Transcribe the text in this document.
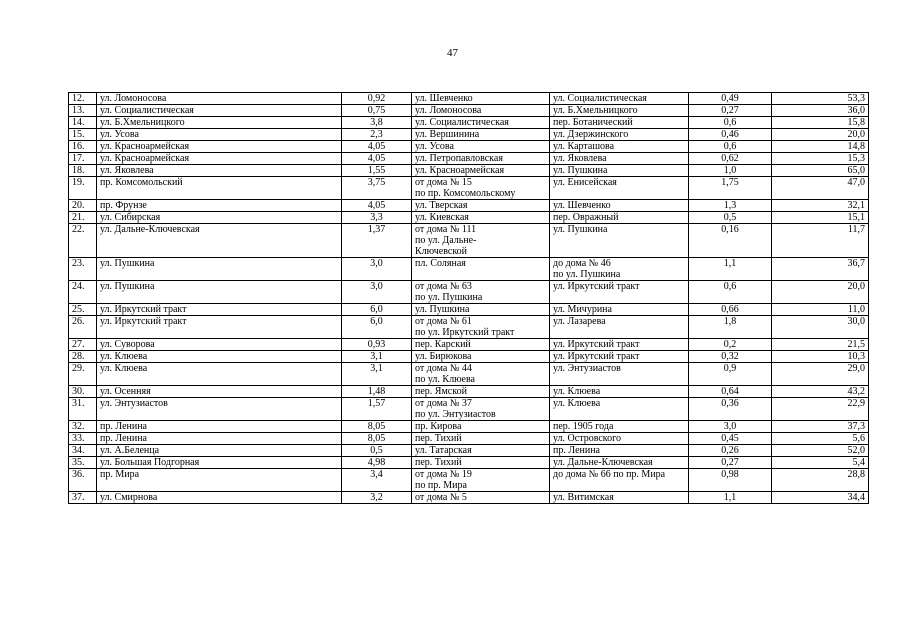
47
12.	ул. Ломоносова	0,92	ул. Шевченко	ул. Социалистическая	0,49	53,3
13.	ул. Социалистическая	0,75	ул. Ломоносова	ул. Б.Хмельницкого	0,27	36,0
14.	ул. Б.Хмельницкого	3,8	ул. Социалистическая	пер. Ботанический	0,6	15,8
15.	ул. Усова	2,3	ул. Вершинина	ул. Дзержинского	0,46	20,0
16.	ул. Красноармейская	4,05	ул. Усова	ул. Карташова	0,6	14,8
17.	ул. Красноармейская	4,05	ул. Петропавловская	ул. Яковлева	0,62	15,3
18.	ул. Яковлева	1,55	ул. Красноармейская	ул. Пушкина	1,0	65,0
19.	пр. Комсомольский	3,75	от дома № 15
по пр. Комсомольскому	ул. Енисейская	1,75	47,0
20.	пр. Фрунзе	4,05	ул. Тверская	ул. Шевченко	1,3	32,1
21.	ул. Сибирская	3,3	ул. Киевская	пер. Овражный	0,5	15,1
22.	ул. Дальне-Ключевская	1,37	от дома № 111
по ул. Дальне-
Ключевской	ул. Пушкина	0,16	11,7
23.	ул. Пушкина	3,0	пл. Соляная	до дома № 46
по ул. Пушкина	1,1	36,7
24.	ул. Пушкина	3,0	от дома № 63
по ул. Пушкина	ул. Иркутский тракт	0,6	20,0
25.	ул. Иркутский тракт	6,0	ул. Пушкина	ул. Мичурина	0,66	11,0
26.	ул. Иркутский тракт	6,0	от дома № 61
по ул. Иркутский тракт	ул. Лазарева	1,8	30,0
27.	ул. Суворова	0,93	пер. Карский	ул. Иркутский тракт	0,2	21,5
28.	ул. Клюева	3,1	ул. Бирюкова	ул. Иркутский тракт	0,32	10,3
29.	ул. Клюева	3,1	от дома № 44
по ул. Клюева	ул. Энтузиастов	0,9	29,0
30.	ул. Осенняя	1,48	пер. Ямской	ул. Клюева	0,64	43,2
31.	ул. Энтузиастов	1,57	от дома № 37
по ул. Энтузиастов	ул. Клюева	0,36	22,9
32.	пр. Ленина	8,05	пр. Кирова	пер. 1905 года	3,0	37,3
33.	пр. Ленина	8,05	пер. Тихий	ул. Островского	0,45	5,6
34.	ул. А.Беленца	0,5	ул. Татарская	пр. Ленина	0,26	52,0
35.	ул. Большая Подгорная	4,98	пер. Тихий	ул. Дальне-Ключевская	0,27	5,4
36.	пр. Мира	3,4	от дома № 19
по пр. Мира	до дома № 66 по пр. Мира	0,98	28,8
37.	ул. Смирнова	3,2	от дома № 5	ул. Витимская	1,1	34,4
